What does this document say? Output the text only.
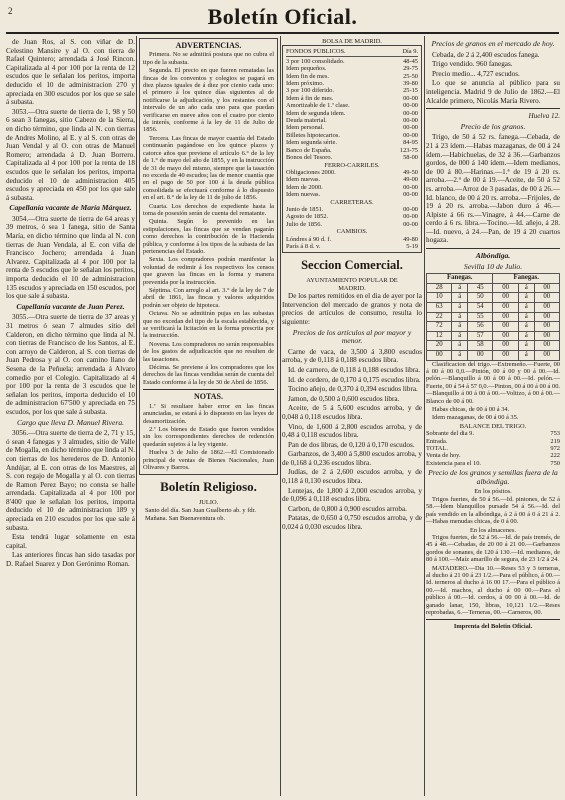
2	Boletín Oficial.

de Juan Ros, al S. con viñar de D. Celestino Mansire y al O. con tierra de Rafael Quintero; arrendada á José Rincon. Capitalizada al 4 por 100 por la renta de 12 escudos que le señalan los peritos, importa deducido el 10 de administracion 270 y apreciada en 300 escudos por los que se sale á subasta.

3053.—Otra suerte de tierra de 1, 98 y 50 6 sean 3 fanegas, sitio Cabezo de la Sierra, en dicho término, que linda al N. con tierras de Andres Molino, al E. y al S. con otras de Juan Vendal y al O. con otras de Manuel Romero; arrendada á D. Juan Borrero. Capitalizada al 4 por 100 por la renta de 18 escudos que le señalan los peritos, importa deducido el 10 de administracion 405 escudos y apreciada en 450 por los que sale á subasta.

Capellanía vacante de María Márquez.

3054.—Otra suerte de tierra de 64 areas y 39 metros, ó sea 1 fanega, sitio de Santa María, en dicho término que linda al N. con tierras de Juan Vendala, al E. con viña de Francisco Jochero; arrendada á Juan Alvarez. Capitalizada al 4 por 100 por la renta de 5 escudos que le señalan los peritos, importa deducido el 10 de administracion 135 escudos y apreciada en 150 escudos, por los que sale á subasta.

Capellanía vacante de Juan Perez.

3055.—Otra suerte de tierra de 37 areas y 31 metros ó sean 7 almudes sitio del Calderon, en dicho término que linda al N. con tierras de Francisco de los Santos, al E. con arroyo de Calderon, al S. con tierras de Juan Pedrosa y al O. con camino llano de Sesena de la Peñuela; arrendada á Alvaro comedio por el Colegio. Capitalizado al 4 por 100 por la renta de 3 escudos que le señalan los peritos, importa deducido el 10 de administracion 67'500 y apreciada en 75 escudos, por los que sale á subasta.

Cargo que lleva D. Manuel Rivera.

3056.—Otra suerte de tierra de 2, 71 y 15, ó sean 4 fanegas y 3 almudes, sitio de Valle de Mogalla, en dicho término que linda al N. con tierras de los herederos de D. Antonio Andújar, al E. con otras de los Maestres, al S. con regajo de Mogalla y al O. con tierras de Ramon Perez Bayo; no consta se halle arrendada. Capitalizada al 4 por 100 por 8'400 que le señalan los peritos, importa deducido el 10 de administracion 189 y apreciada en 210 escudos por los que sale á subasta.

Esta tendrá lugar solamente en esta capital.

Las anteriores fincas han sido tasadas por D. Rafael Suarez y Don Gerónimo Roman.

ADVERTENCIAS.

Primera. No se admitirá postura que no cubra el tipo de la subasta.

Segunda. El precio en que fueren rematadas las fincas de los conventos y colegios se pagará en diez plazos iguales de á diez por ciento cada uno: el primero á los quince días siguientes al de notificarse la adjudicación, y los restantes con el intervalo de un año cada uno para que puedan verificarse en nueve años con el cuatro por ciento de interés, conforme á la ley de 11 de Julio de 1856.

Tercera. Las fincas de mayor cuantía del Estado continuarán pagándose en los quince plazos y catorce años que previene el artículo 6.° de la ley de 1.° de mayo del año de 1855, y en la instrucción de 31 de mayo del mismo, siempre que la tasación no exceda de 40 escudos; las de menor cuantía que en el pago de 50 por 100 á la deuda pública consolidada se efectuará conforme á lo dispuesto en el art. 8.° de la ley de 11 de julio de 1856.

Cuarta. Los derechos de expediente hasta la toma de posesión serán de cuenta del rematante.

Quinta. Según lo prevenido en las estipulaciones, las fincas que se vendan pagarán como derechos la contribución de la Hacienda pública, y conforme á los tipos de la subasta de las pertenencias del Estado.

Sexta. Los compradores podrán manifestar la voluntad de redimir á los respectivos los censos que graven las fincas en la forma y manera prevenida por la instrucción.

Séptima. Con arreglo al art. 3.° de la ley de 7 de abril de 1861, las fincas y valores adquiridos podrán ser objeto de hipoteca.

Octava. No se admitirán pujas en las subastas que no excedan del tipo de la escala establecida, y se verificará la licitación en la forma prescrita por la instrucción.

Novena. Los compradores no serán responsables de los gastos de adjudicación que no resulten de las tasaciones.

Décima. Se previene á los compradores que los derechos de las fincas vendidas serán de cuenta del Estado conforme á la ley de 30 de Abril de 1856.

NOTAS.

1.ª Si resultare haber error en las fincas anunciadas, se estará á lo dispuesto en las leyes de desamortización.

2.ª Los bienes de Estado que fueron vendidos sin los correspondientes derechos de redención quedarán sujetos á la ley vigente.

Huelva 3 de Julio de 1862.—El Comisionado principal de ventas de Bienes Nacionales, Juan Olivares y Barros.

Boletín Religioso.
JULIO.

Santo del día. San Juan Gualberto ab. y fdr.

Mañana. San Buenaventura ob.

BOLSA DE MADRID.
FONDOS PÚBLICOS.	Día 9.
3 por 100 consolidado.	48-45
Idem pequeños.	29-75
Idem fin de mes.	25-50
Idem próximo.	39-80
3 por 100 diferido.	25-15
Idem á fin de mes.	00-00
Amortizable de 1.ª clase.	00-00
Idem de segunda idem.	00-00
Deuda material.	00-00
Idem personal.	00-00
Billetes hipotecarios.	00-00
Idem segunda série.	84-95
Banco de España.	123-75
Bonos del Tesoro.	58-00
FERRO-CARRILES.
Obligaciones 2000.	49-50
Idem nuevas.	49-00
Idem de 2000.	00-00
Idem nuevas.	00-00
CARRETERAS.
Junio de 1851.	00-00
Agosto de 1852.	00-00
Julio de 1856.	00-00
CAMBIOS.
Lóndres á 90 d. f.	49-80
París á 8 d. v.	5-19
Seccion Comercial.
AYUNTAMIENTO POPULAR DE
MADRID.

De los partes remitidos en el dia de ayer por la Intervencion del mercado de granos y nota de precios de artículos de consumo, resulta lo siguiente:

Precios de los artículos al por mayor y menor.

Carne de vaca, de 3,500 á 3,800 escudos arroba, y de 0,118 á 0,188 escudos libra.

Id. de carnero, de 0,118 á 0,188 escudos libra.

Id. de cordero, de 0,170 á 0,175 escudos libra.

Tocino añejo, de 0,370 á 0,394 escudos libra.

Jamon, de 0,500 á 0,600 escudos libra.

Aceite, de 5 á 5,600 escudos arroba, y de 0,048 á 0,118 escudos libra.

Vino, de 1,600 á 2,800 escudos arroba, y de 0,48 á 0,118 escudos libra.

Pan de dos libras, de 0,120 á 0,170 escudos.

Garbanzos, de 3,400 á 5,800 escudos arroba, y de 0,168 á 0,236 escudos libra.

Judías, de 2 á 2,600 escudos arroba, y de 0,118 á 0,130 escudos libra.

Lentejas, de 1,800 á 2,000 escudos arroba, y de 0,096 á 0,118 escudos libra.

Carbon, de 0,800 á 0,900 escudos arroba.

Patatas, de 0,650 á 0,750 escudos arroba, y de 0,024 á 0,030 escudos libra.

Precios de granos en el mercado de hoy.

Cebada, de 2 á 2,400 escudos fanega.

Trigo vendido. 960 fanegas.

Precio medio... 4,727 escudos.

Lo que se anuncia al público para su inteligencia. Madrid 9 de Julio de 1862.—El Alcalde primero, Nicolás María Rivero.

Huelva 12.
Precio de los granos.

Trigo, de 50 á 52 rs. fanega.—Cebada, de 21 á 23 ídem.—Habas mazaganas, de 00 á 24 ídem.—Habichuelas, de 32 á 36.—Garbanzos gordos, de 000 á 140 ídem.—Idem medianos, de 00 á 80.—Harinas.—1.ª de 19 á 20 rs. arroba.—2.ª de 00 á 19.—Aceite, de 50 á 52 rs. arroba.—Arroz de 3 pasadas, de 00 á 26.—Id. blanco, de 00 á 20 rs. arroba.—Frijoles, de 19 á 20 rs. arroba.—Jabon duro á 46.—Alpiste á 66 rs.—Vinagre, á 44.—Carne de cerdo á 6 rs. libra.—Tocino.—Id. añejo, á 28.—Id. nuevo, á 24.—Pan, de 19 á 20 cuartos hogaza.

Albóndiga.
Sevilla 10 de Julio.
Fanegas.			Fanegas.		
28	á	45	00	á	00
10	á	50	00	á	00
63	á	54	00	á	00
22	á	55	00	á	00
72	á	56	00	á	00
12	á	57	00	á	00
20	á	58	00	á	00
00	á	00	00	á	00

Clasificacion del trigo.—Extremeño.—Fuerte, 00 á 00 á 00 0,0.—Pintón, 00 á 00 y 00 á 00.—Id. pelón.—Blanquillo á 00 á 00 á 00.—Id. pelón.—Fuerte, 00 á 54 á 57 0,0.—Pinton, 00 á 00 á 00 á 00.—Blanquillo á 00 á 00 á 00.—Voltizo, á 00 á 00.—Blanco de 00 á 00.

Habas chicas, de 00 á 00 á 34.

Idem mazaganas, de 00 á 00 á 35.

BALANCE DEL TRIGO.
Sobrante del dia 9.	753
Entrada.	219
TOTAL.	972
Venta de hoy.	222
Existencia para el 10.	750
Precio de los granos y semillas fuera de la albóndiga.
En los pósitos.

Trigos fuertes, de 50 á 56.—Id. pintones, de 52 á 58.—Idem blanquillos pursade 54 á 56.—Id. del país vendido en la albóndiga, á 2 á 00 á 0 á 21 á 2.—Habas menudas chicas, de 0 á 00.

En los almacenes.

Trigos fuertes, de 52 á 56.—Id. de país tremés, de 45 á 48.—Cebadas, de 20 00 á 21 00.—Garbanzos gordos de sonanes, de 120 á 130.—Id. medianos, de 80 á 100.—Maíz amarillo de segura, de 23 1/2 á 24.

MATADERO.—Dia 10.—Reses 53 y 3 terneras, al ducho á 21 00 á 23 1/2.—Para el público, á 00.—Id. terneros al ducho á 16 00 17.—Para el público á 00.—Id. machos, al ducho á 00 00.—Para el público á 00.—Id. cerdos, á 00 00 á 00.—Id. de ganado lanar, 150, libras, 10,121 1/2.—Reses reprobadas, 6.—Terneras, 00.—Carneros, 00.

Imprenta del Boletin Oficial.
